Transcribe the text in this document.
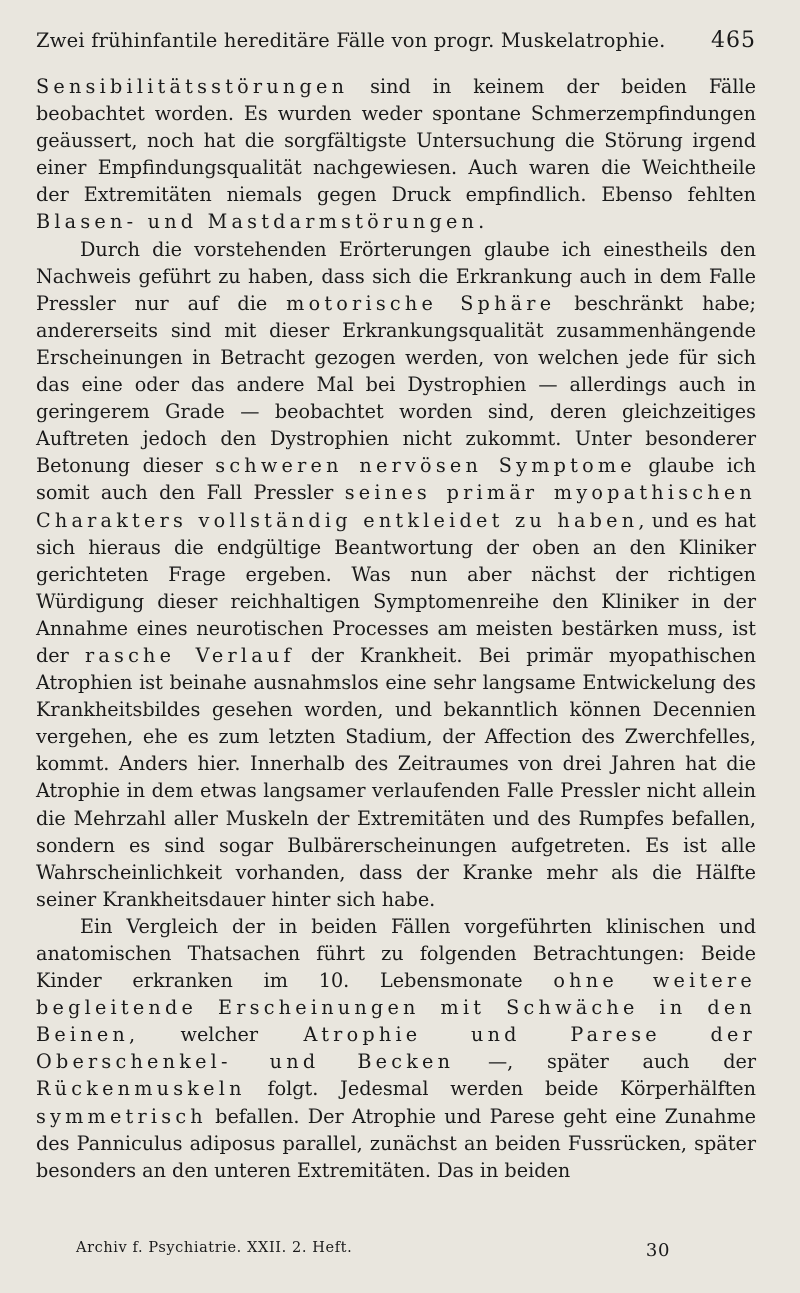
Zwei frühinfantile hereditäre Fälle von progr. Muskelatrophie. 465

Sensibilitätsstörungen sind in keinem der beiden Fälle beobachtet worden. Es wurden weder spontane Schmerzempfindungen geäussert, noch hat die sorgfältigste Untersuchung die Störung irgend einer Empfindungsqualität nachgewiesen. Auch waren die Weichtheile der Extremitäten niemals gegen Druck empfindlich. Ebenso fehlten Blasen- und Mastdarmstörungen.

Durch die vorstehenden Erörterungen glaube ich einestheils den Nachweis geführt zu haben, dass sich die Erkrankung auch in dem Falle Pressler nur auf die motorische Sphäre beschränkt habe; andererseits sind mit dieser Erkrankungsqualität zusammenhängende Erscheinungen in Betracht gezogen werden, von welchen jede für sich das eine oder das andere Mal bei Dystrophien — allerdings auch in geringerem Grade — beobachtet worden sind, deren gleichzeitiges Auftreten jedoch den Dystrophien nicht zukommt. Unter besonderer Betonung dieser schweren nervösen Symptome glaube ich somit auch den Fall Pressler seines primär myopathischen Charakters vollständig entkleidet zu haben, und es hat sich hieraus die endgültige Beantwortung der oben an den Kliniker gerichteten Frage ergeben. Was nun aber nächst der richtigen Würdigung dieser reichhaltigen Symptomenreihe den Kliniker in der Annahme eines neurotischen Processes am meisten bestärken muss, ist der rasche Verlauf der Krankheit. Bei primär myopathischen Atrophien ist beinahe ausnahmslos eine sehr langsame Entwickelung des Krankheitsbildes gesehen worden, und bekanntlich können Decennien vergehen, ehe es zum letzten Stadium, der Affection des Zwerchfelles, kommt. Anders hier. Innerhalb des Zeitraumes von drei Jahren hat die Atrophie in dem etwas langsamer verlaufenden Falle Pressler nicht allein die Mehrzahl aller Muskeln der Extremitäten und des Rumpfes befallen, sondern es sind sogar Bulbärerscheinungen aufgetreten. Es ist alle Wahrscheinlichkeit vorhanden, dass der Kranke mehr als die Hälfte seiner Krankheitsdauer hinter sich habe.

Ein Vergleich der in beiden Fällen vorgeführten klinischen und anatomischen Thatsachen führt zu folgenden Betrachtungen: Beide Kinder erkranken im 10. Lebensmonate ohne weitere begleitende Erscheinungen mit Schwäche in den Beinen, welcher Atrophie und Parese der Oberschenkel- und Becken —, später auch der Rückenmuskeln folgt. Jedesmal werden beide Körperhälften symmetrisch befallen. Der Atrophie und Parese geht eine Zunahme des Panniculus adiposus parallel, zunächst an beiden Fussrücken, später besonders an den unteren Extremitäten. Das in beiden

Archiv f. Psychiatrie. XXII. 2. Heft.	30
